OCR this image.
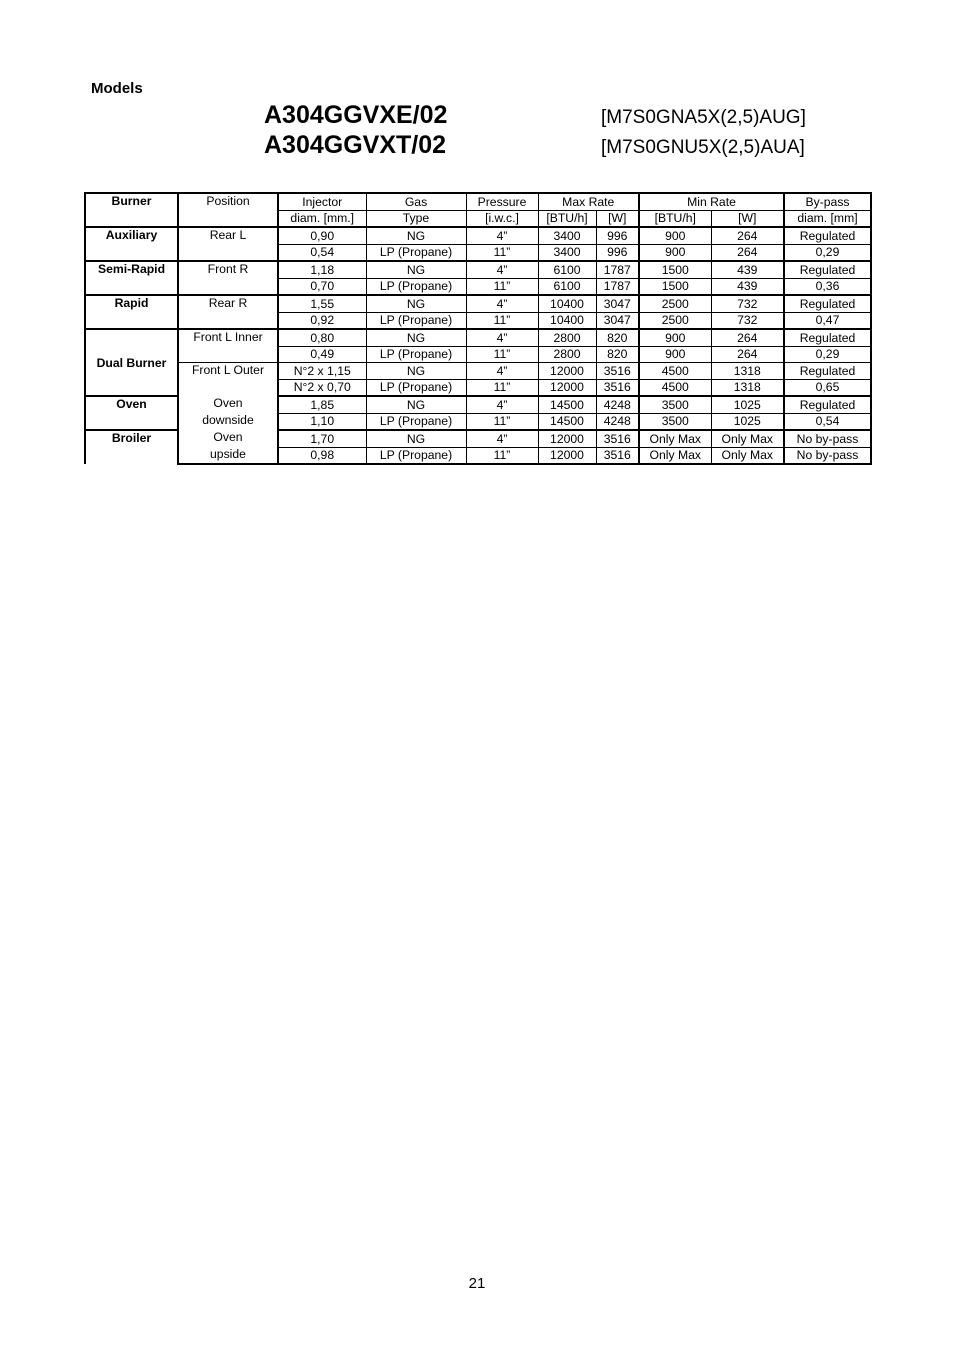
Models
A304GGVXE/02	[M7S0GNA5X(2,5)AUG]
A304GGVXT/02	[M7S0GNU5X(2,5)AUA]
Burner	Position	Injector	Gas	Pressure	Max Rate		Min Rate		By-pass
		diam. [mm.]	Type	[i.w.c.]	[BTU/h]	[W]	[BTU/h]	[W]	diam. [mm]
Auxiliary	Rear L	0,90	NG	4”	3400	996	900	264	Regulated
		0,54	LP (Propane)	11”	3400	996	900	264	0,29
Semi-Rapid	Front R	1,18	NG	4”	6100	1787	1500	439	Regulated
		0,70	LP (Propane)	11”	6100	1787	1500	439	0,36
Rapid	Rear R	1,55	NG	4”	10400	3047	2500	732	Regulated
		0,92	LP (Propane)	11”	10400	3047	2500	732	0,47
Dual Burner	Front L Inner	0,80	NG	4”	2800	820	900	264	Regulated
		0,49	LP (Propane)	11”	2800	820	900	264	0,29
	Front L Outer	N°2 x 1,15	NG	4”	12000	3516	4500	1318	Regulated
		N°2 x 0,70	LP (Propane)	11”	12000	3516	4500	1318	0,65
Oven	Oven	1,85	NG	4”	14500	4248	3500	1025	Regulated
	downside	1,10	LP (Propane)	11”	14500	4248	3500	1025	0,54
Broiler	Oven	1,70	NG	4”	12000	3516	Only Max	Only Max	No by-pass
	upside	0,98	LP (Propane)	11”	12000	3516	Only Max	Only Max	No by-pass
21
